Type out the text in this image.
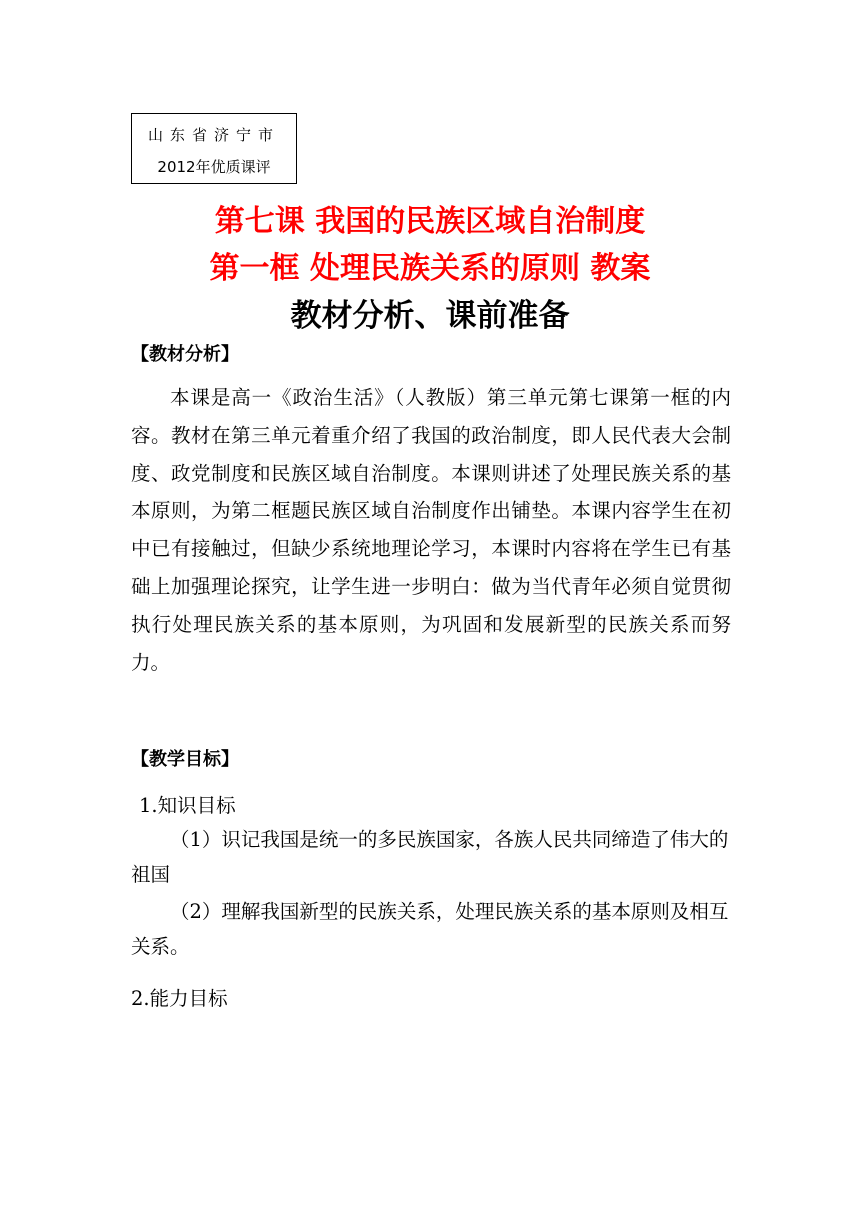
山东省济宁市
2012年优质课评
第七课 我国的民族区域自治制度
第一框 处理民族关系的原则 教案
教材分析、课前准备
【教材分析】
本课是高一《政治生活》（人教版）第三单元第七课第一框的内容。教材在第三单元着重介绍了我国的政治制度，即人民代表大会制度、政党制度和民族区域自治制度。本课则讲述了处理民族关系的基本原则，为第二框题民族区域自治制度作出铺垫。本课内容学生在初中已有接触过，但缺少系统地理论学习，本课时内容将在学生已有基础上加强理论探究，让学生进一步明白：做为当代青年必须自觉贯彻执行处理民族关系的基本原则，为巩固和发展新型的民族关系而努力。
【教学目标】
1.知识目标
（1）识记我国是统一的多民族国家，各族人民共同缔造了伟大的祖国
（2）理解我国新型的民族关系，处理民族关系的基本原则及相互关系。
2.能力目标
